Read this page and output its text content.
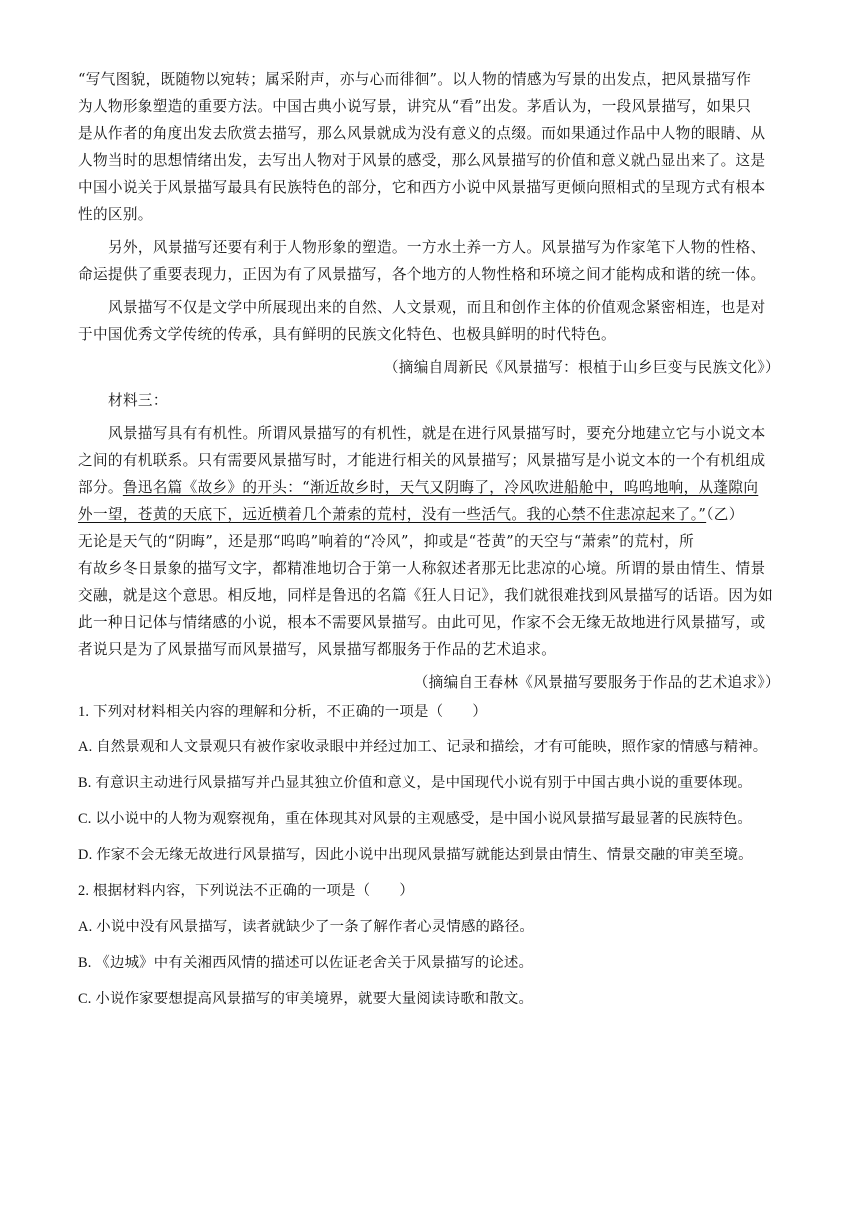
“写气图貌，既随物以宛转；属采附声，亦与心而徘徊”。以人物的情感为写景的出发点，把风景描写作
为人物形象塑造的重要方法。中国古典小说写景，讲究从“看”出发。茅盾认为，一段风景描写，如果只
是从作者的角度出发去欣赏去描写，那么风景就成为没有意义的点缀。而如果通过作品中人物的眼睛、从
人物当时的思想情绪出发，去写出人物对于风景的感受，那么风景描写的价值和意义就凸显出来了。这是
中国小说关于风景描写最具有民族特色的部分，它和西方小说中风景描写更倾向照相式的呈现方式有根本
性的区别。
另外，风景描写还要有利于人物形象的塑造。一方水土养一方人。风景描写为作家笔下人物的性格、
命运提供了重要表现力，正因为有了风景描写，各个地方的人物性格和环境之间才能构成和谐的统一体。
风景描写不仅是文学中所展现出来的自然、人文景观，而且和创作主体的价值观念紧密相连，也是对
于中国优秀文学传统的传承，具有鲜明的民族文化特色、也极具鲜明的时代特色。
（摘编自周新民《风景描写：根植于山乡巨变与民族文化》）
材料三：
风景描写具有有机性。所谓风景描写的有机性，就是在进行风景描写时，要充分地建立它与小说文本
之间的有机联系。只有需要风景描写时，才能进行相关的风景描写；风景描写是小说文本的一个有机组成
部分。鲁迅名篇《故乡》的开头：“渐近故乡时，天气又阴晦了，冷风吹进船舱中，呜呜地响，从蓬隙向
外一望，苍黄的天底下，远近横着几个萧索的荒村，没有一些活气。我的心禁不住悲凉起来了。”（乙）
无论是天气的“阴晦”，还是那“呜呜”响着的“冷风”，抑或是“苍黄”的天空与“萧索”的荒村，所
有故乡冬日景象的描写文字，都精准地切合于第一人称叙述者那无比悲凉的心境。所谓的景由情生、情景
交融，就是这个意思。相反地，同样是鲁迅的名篇《狂人日记》，我们就很难找到风景描写的话语。因为如
此一种日记体与情绪感的小说，根本不需要风景描写。由此可见，作家不会无缘无故地进行风景描写，或
者说只是为了风景描写而风景描写，风景描写都服务于作品的艺术追求。
（摘编自王春林《风景描写要服务于作品的艺术追求》）
1. 下列对材料相关内容的理解和分析，不正确的一项是（　　）
A. 自然景观和人文景观只有被作家收录眼中并经过加工、记录和描绘，才有可能映，照作家的情感与精神。
B. 有意识主动进行风景描写并凸显其独立价值和意义，是中国现代小说有别于中国古典小说的重要体现。
C. 以小说中的人物为观察视角，重在体现其对风景的主观感受，是中国小说风景描写最显著的民族特色。
D. 作家不会无缘无故进行风景描写，因此小说中出现风景描写就能达到景由情生、情景交融的审美至境。
2. 根据材料内容，下列说法不正确的一项是（　　）
A. 小说中没有风景描写，读者就缺少了一条了解作者心灵情感的路径。
B. 《边城》中有关湘西风情的描述可以佐证老舍关于风景描写的论述。
C. 小说作家要想提高风景描写的审美境界，就要大量阅读诗歌和散文。
